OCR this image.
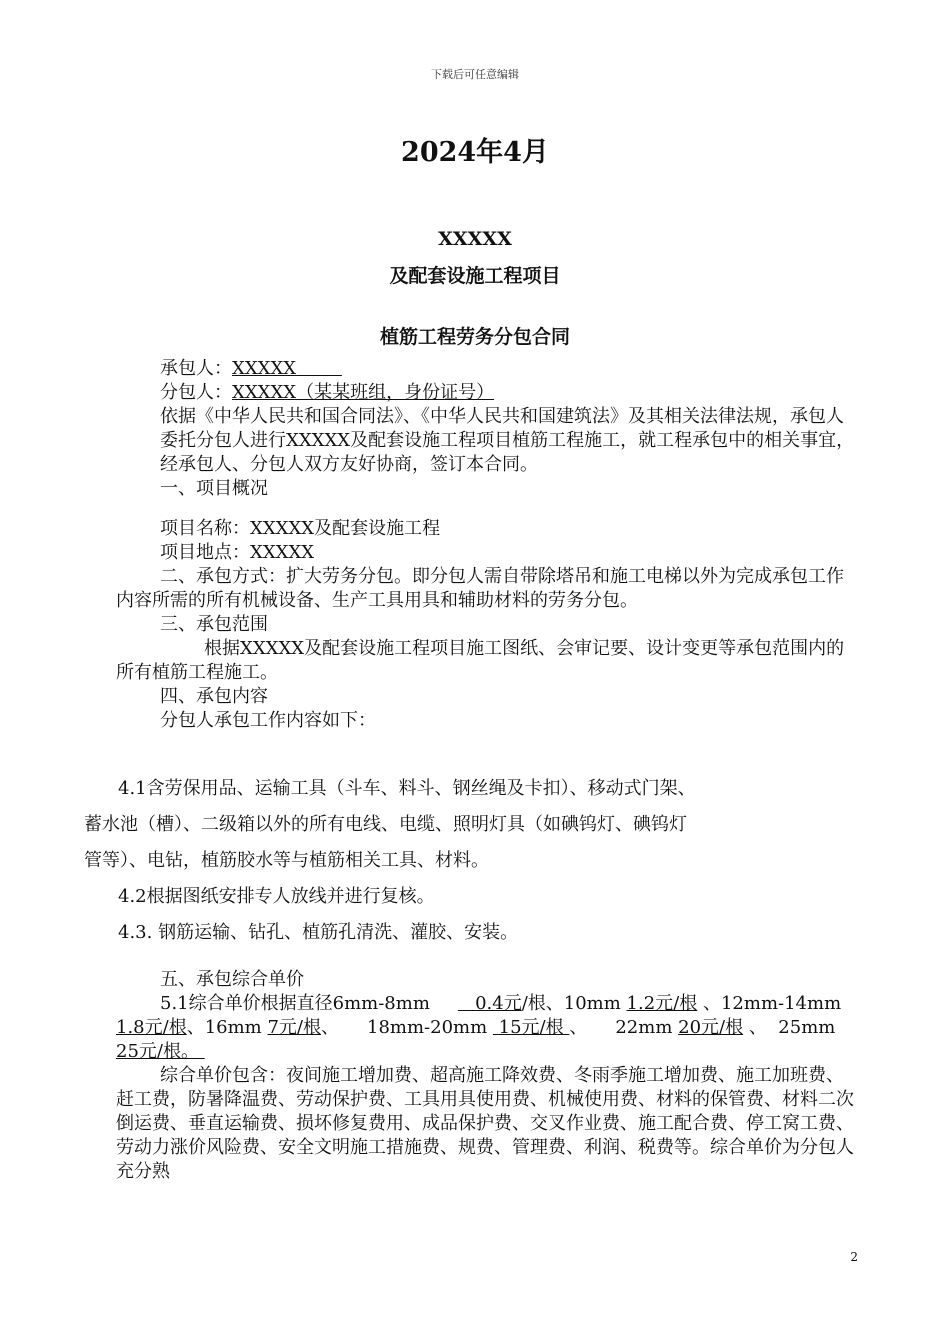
下载后可任意编辑
2024年4月
XXXXX
及配套设施工程项目
植筋工程劳务分包合同

承包人：XXXXX

分包人：XXXXX（某某班组，身份证号）

依据《中华人民共和国合同法》、《中华人民共和国建筑法》及其相关法律法规，承包人委托分包人进行XXXXX及配套设施工程项目植筋工程施工，就工程承包中的相关事宜，经承包人、分包人双方友好协商，签订本合同。

一、项目概况

项目名称：XXXXX及配套设施工程

项目地点：XXXXX

二、承包方式：扩大劳务分包。即分包人需自带除塔吊和施工电梯以外为完成承包工作内容所需的所有机械设备、生产工具用具和辅助材料的劳务分包。

三、承包范围

根据XXXXX及配套设施工程项目施工图纸、会审记要、设计变更等承包范围内的所有植筋工程施工。

四、承包内容

分包人承包工作内容如下：

4.1含劳保用品、运输工具（斗车、料斗、钢丝绳及卡扣）、移动式门架、

蓄水池（槽）、二级箱以外的所有电线、电缆、照明灯具（如碘钨灯、碘钨灯

管等）、电钻，植筋胶水等与植筋相关工具、材料。

4.2根据图纸安排专人放线并进行复核。

4.3. 钢筋运输、钻孔、植筋孔清洗、灌胶、安装。

五、承包综合单价

5.1综合单价根据直径6mm-8mm	0.4元/根、10mm 1.2元/根 、12mm-14mm 1.8元/根、16mm 7元/根、 18mm-20mm 15元/根 、 22mm 20元/根 、 25mm 25元/根。

综合单价包含：夜间施工增加费、超高施工降效费、冬雨季施工增加费、施工加班费、赶工费，防暑降温费、劳动保护费、工具用具使用费、机械使用费、材料的保管费、材料二次倒运费、垂直运输费、损坏修复费用、成品保护费、交叉作业费、施工配合费、停工窝工费、劳动力涨价风险费、安全文明施工措施费、规费、管理费、利润、税费等。综合单价为分包人充分熟

2
